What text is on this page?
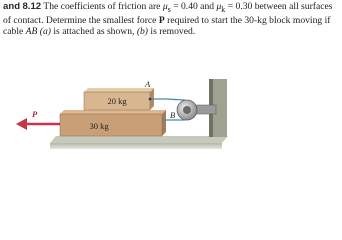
and 8.12 The coefficients of friction are $\mu_s = 0.40$ and $\mu_k = 0.30$ between all surfaces of contact. Determine the smallest force P required to start the 30-kg block moving if cable AB (a) is attached as shown, (b) is removed.

30 kg
20 kg
A
B
P
